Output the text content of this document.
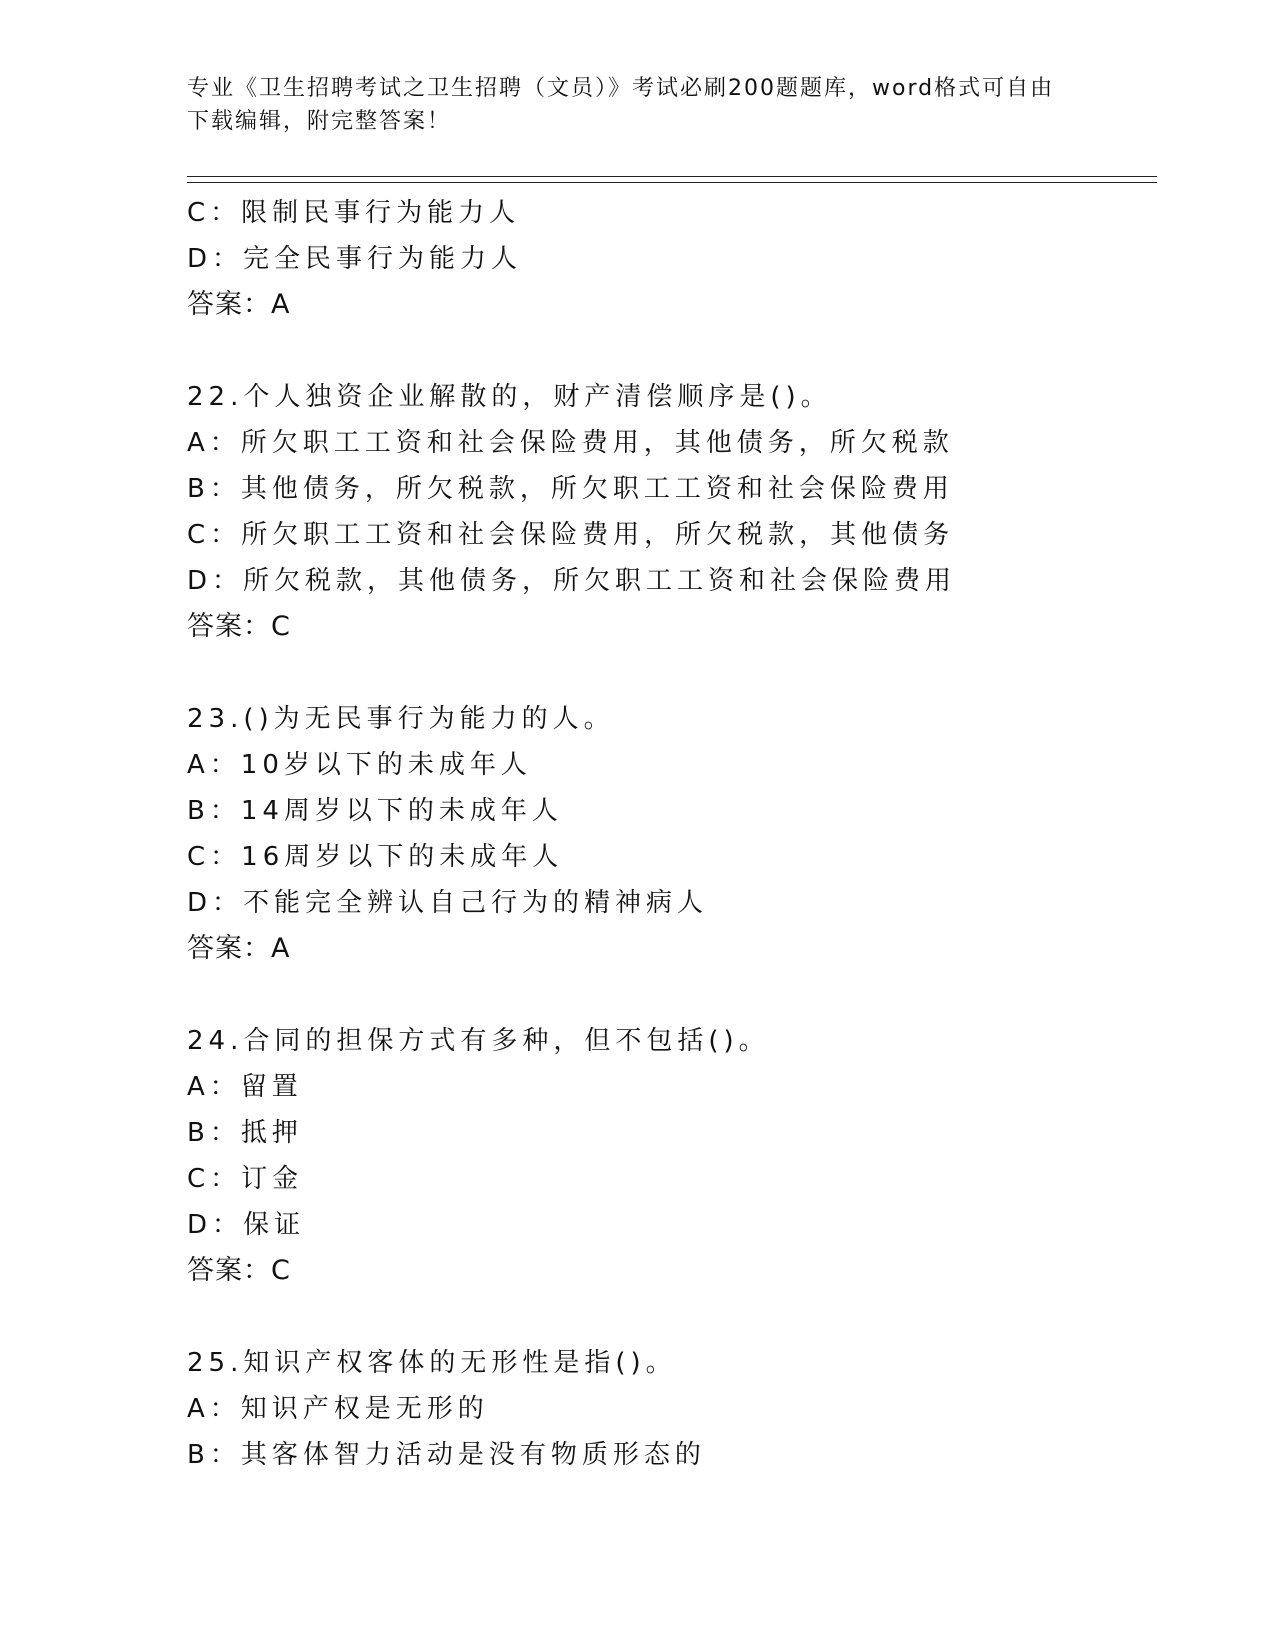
专业《卫生招聘考试之卫生招聘（文员）》考试必刷200题题库，word格式可自由下载编辑，附完整答案！
C：限制民事行为能力人
D：完全民事行为能力人
答案：A
22.个人独资企业解散的，财产清偿顺序是()。
A：所欠职工工资和社会保险费用，其他债务，所欠税款
B：其他债务，所欠税款，所欠职工工资和社会保险费用
C：所欠职工工资和社会保险费用，所欠税款，其他债务
D：所欠税款，其他债务，所欠职工工资和社会保险费用
答案：C
23.()为无民事行为能力的人。
A：10岁以下的未成年人
B：14周岁以下的未成年人
C：16周岁以下的未成年人
D：不能完全辨认自己行为的精神病人
答案：A
24.合同的担保方式有多种，但不包括()。
A：留置
B：抵押
C：订金
D：保证
答案：C
25.知识产权客体的无形性是指()。
A：知识产权是无形的
B：其客体智力活动是没有物质形态的
